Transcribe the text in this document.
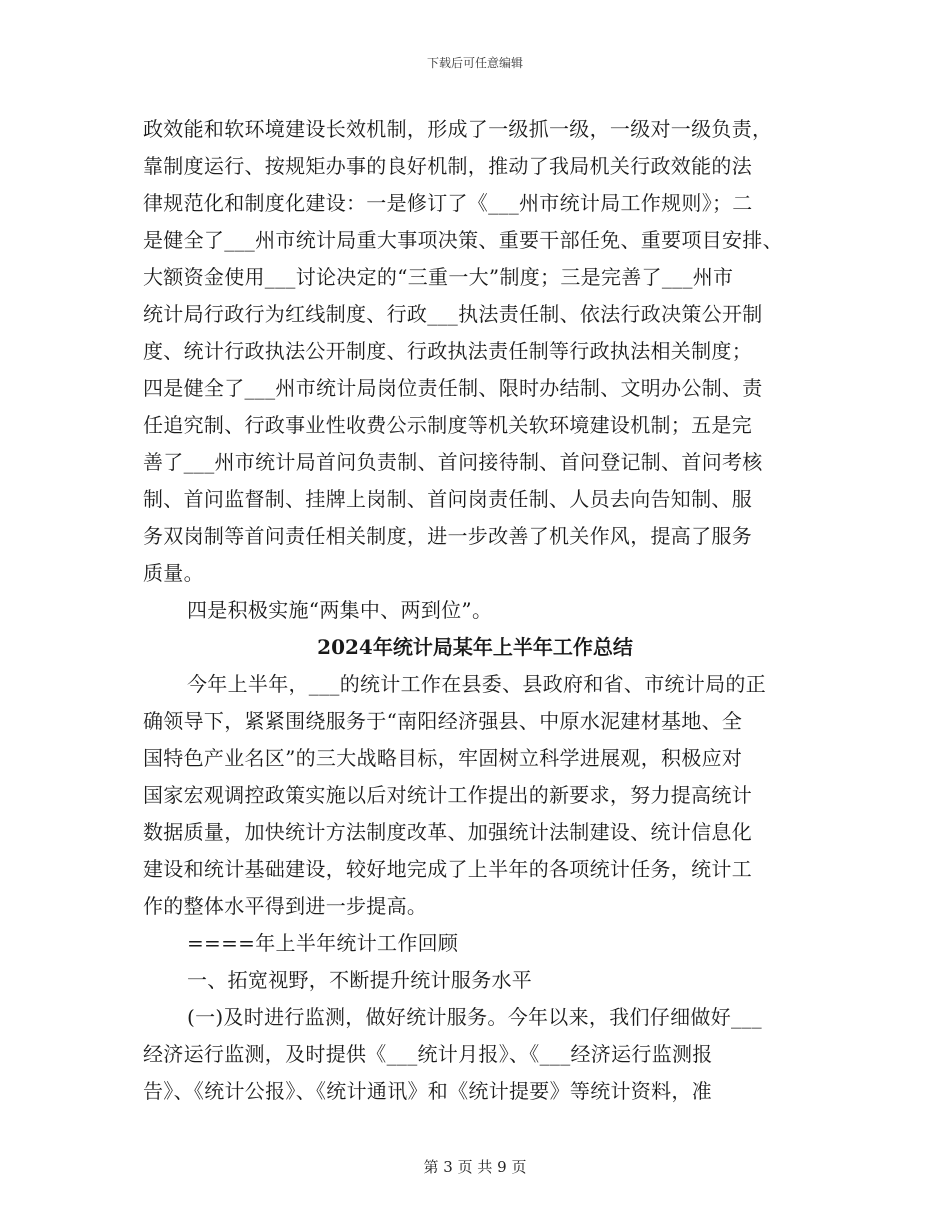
下载后可任意编辑
政效能和软环境建设长效机制，形成了一级抓一级，一级对一级负责，
靠制度运行、按规矩办事的良好机制，推动了我局机关行政效能的法
律规范化和制度化建设：一是修订了《___州市统计局工作规则》；二
是健全了___州市统计局重大事项决策、重要干部任免、重要项目安排、
大额资金使用___讨论决定的“三重一大”制度；三是完善了___州市
统计局行政行为红线制度、行政___执法责任制、依法行政决策公开制
度、统计行政执法公开制度、行政执法责任制等行政执法相关制度；
四是健全了___州市统计局岗位责任制、限时办结制、文明办公制、责
任追究制、行政事业性收费公示制度等机关软环境建设机制；五是完
善了___州市统计局首问负责制、首问接待制、首问登记制、首问考核
制、首问监督制、挂牌上岗制、首问岗责任制、人员去向告知制、服
务双岗制等首问责任相关制度，进一步改善了机关作风，提高了服务
质量。
四是积极实施“两集中、两到位”。
2024年统计局某年上半年工作总结
今年上半年，___的统计工作在县委、县政府和省、市统计局的正
确领导下，紧紧围绕服务于“南阳经济强县、中原水泥建材基地、全
国特色产业名区”的三大战略目标，牢固树立科学进展观，积极应对
国家宏观调控政策实施以后对统计工作提出的新要求，努力提高统计
数据质量，加快统计方法制度改革、加强统计法制建设、统计信息化
建设和统计基础建设，较好地完成了上半年的各项统计任务，统计工
作的整体水平得到进一步提高。
====年上半年统计工作回顾
一、拓宽视野，不断提升统计服务水平
(一)及时进行监测，做好统计服务。今年以来，我们仔细做好___
经济运行监测，及时提供《___统计月报》、《___经济运行监测报
告》、《统计公报》、《统计通讯》和《统计提要》等统计资料，准
第 3 页 共 9 页
